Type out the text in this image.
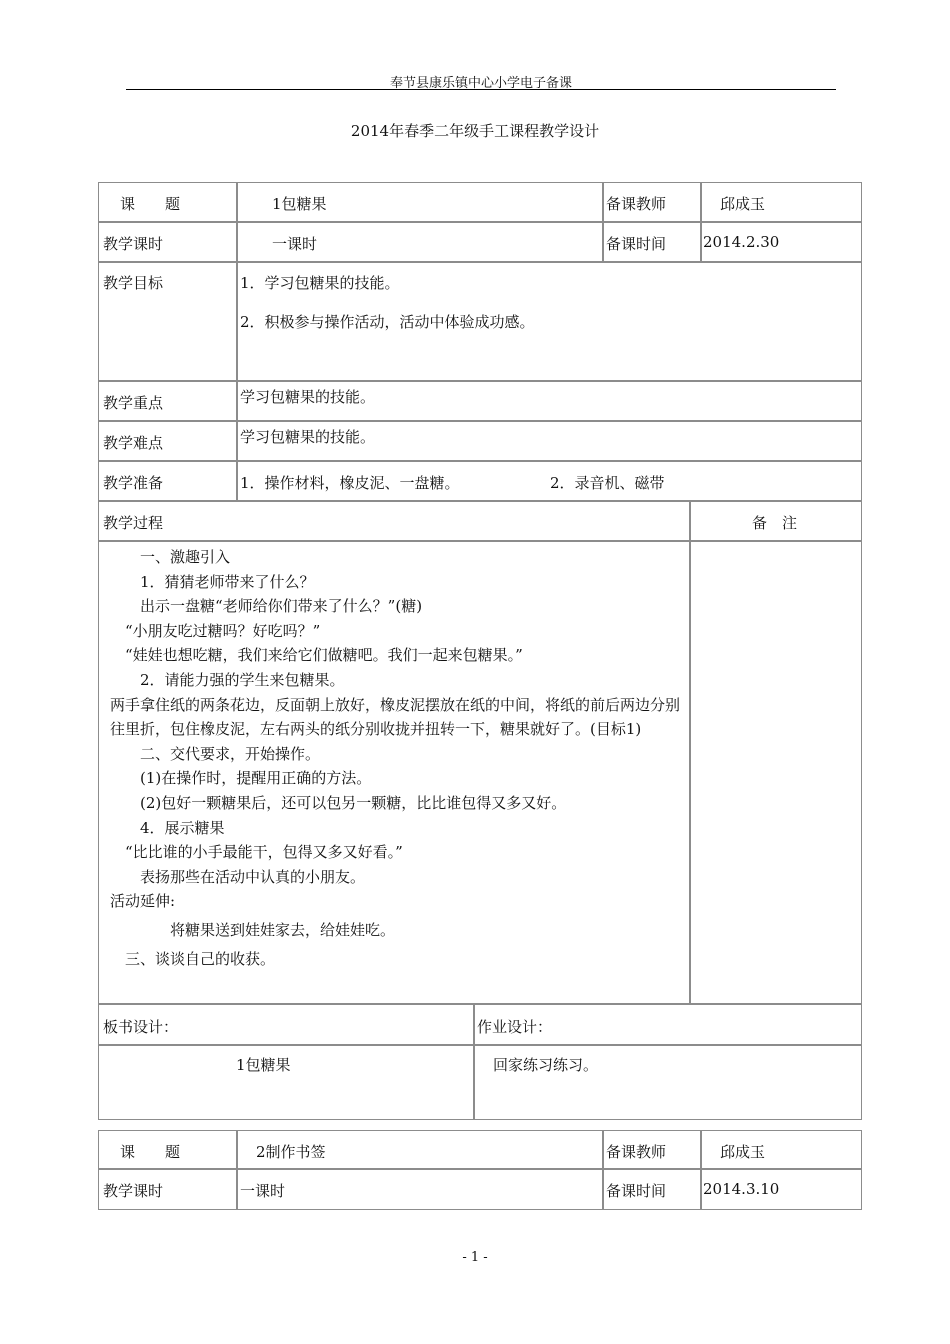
奉节县康乐镇中心小学电子备课
2014年春季二年级手工课程教学设计
课　　题	1包糖果	备课教师	邱成玉
教学课时	一课时	备课时间 2014.2.30
教学目标	1．学习包糖果的技能。
2．积极参与操作活动，活动中体验成功感。
教学重点	学习包糖果的技能。
教学难点	学习包糖果的技能。
教学准备	1．操作材料，橡皮泥、一盘糖。	2．录音机、磁带
教学过程	备　注

　　一、激趣引入

　　1．猜猜老师带来了什么？

　　出示一盘糖“老师给你们带来了什么？”(糖)

　“小朋友吃过糖吗？好吃吗？”

　“娃娃也想吃糖，我们来给它们做糖吧。我们一起来包糖果。”

　　2．请能力强的学生来包糖果。

两手拿住纸的两条花边，反面朝上放好，橡皮泥摆放在纸的中间，将纸的前后两边分别往里折，包住橡皮泥，左右两头的纸分别收拢并扭转一下，糖果就好了。(目标1)

　　二、交代要求，开始操作。

　　(1)在操作时，提醒用正确的方法。

　　(2)包好一颗糖果后，还可以包另一颗糖，比比谁包得又多又好。

　　4．展示糖果

　“比比谁的小手最能干，包得又多又好看。”

　　表扬那些在活动中认真的小朋友。

活动延伸:

　　　　将糖果送到娃娃家去，给娃娃吃。

　三、谈谈自己的收获。

板书设计：	作业设计：
1包糖果	回家练习练习。
课　　题	2制作书签	备课教师	邱成玉
教学课时	一课时	备课时间 2014.3.10
- 1 -
